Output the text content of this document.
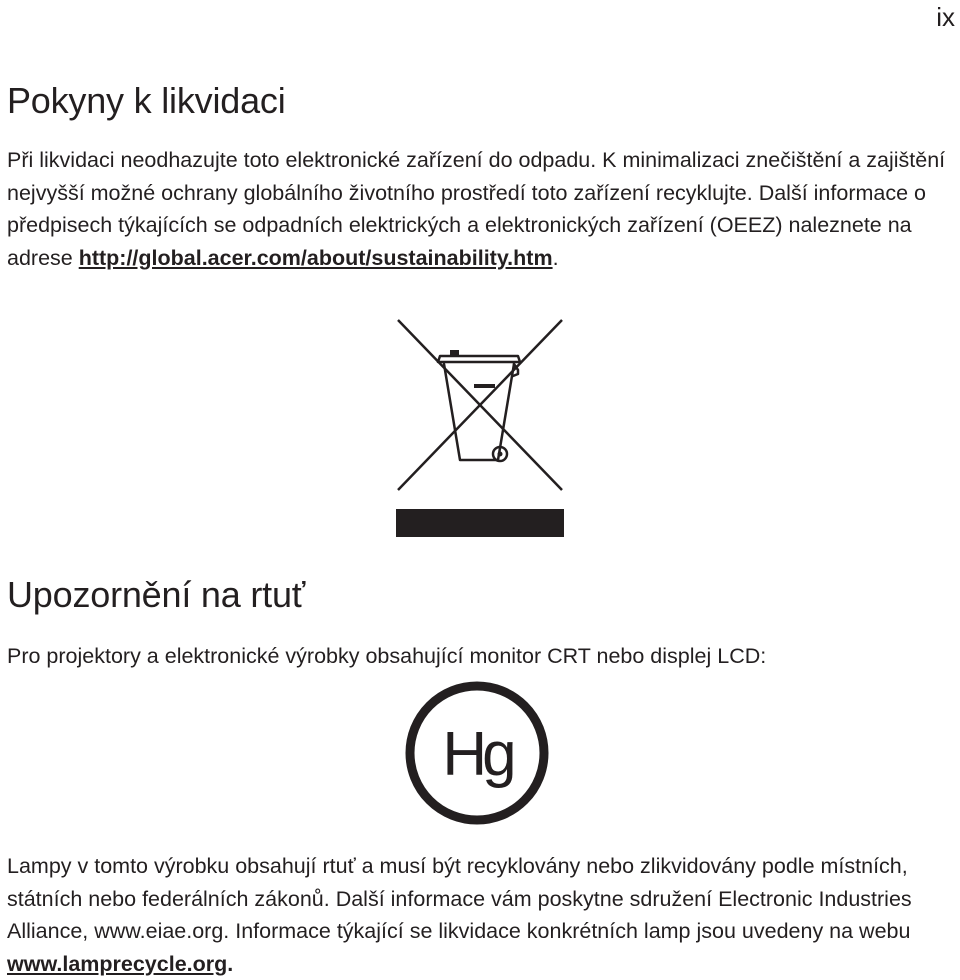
ix
Pokyny k likvidaci

Při likvidaci neodhazujte toto elektronické zařízení do odpadu. K minimalizaci znečištění a zajištění nejvyšší možné ochrany globálního životního prostředí toto zařízení recyklujte. Další informace o předpisech týkajících se odpadních elektrických a elektronických zařízení (OEEZ) naleznete na adrese http://global.acer.com/about/sustainability.htm.

Upozornění na rtuť

Pro projektory a elektronické výrobky obsahující monitor CRT nebo displej LCD:

Hg

Lampy v tomto výrobku obsahují rtuť a musí být recyklovány nebo zlikvidovány podle místních, státních nebo federálních zákonů. Další informace vám poskytne sdružení Electronic Industries Alliance, www.eiae.org. Informace týkající se likvidace konkrétních lamp jsou uvedeny na webu www.lamprecycle.org.
